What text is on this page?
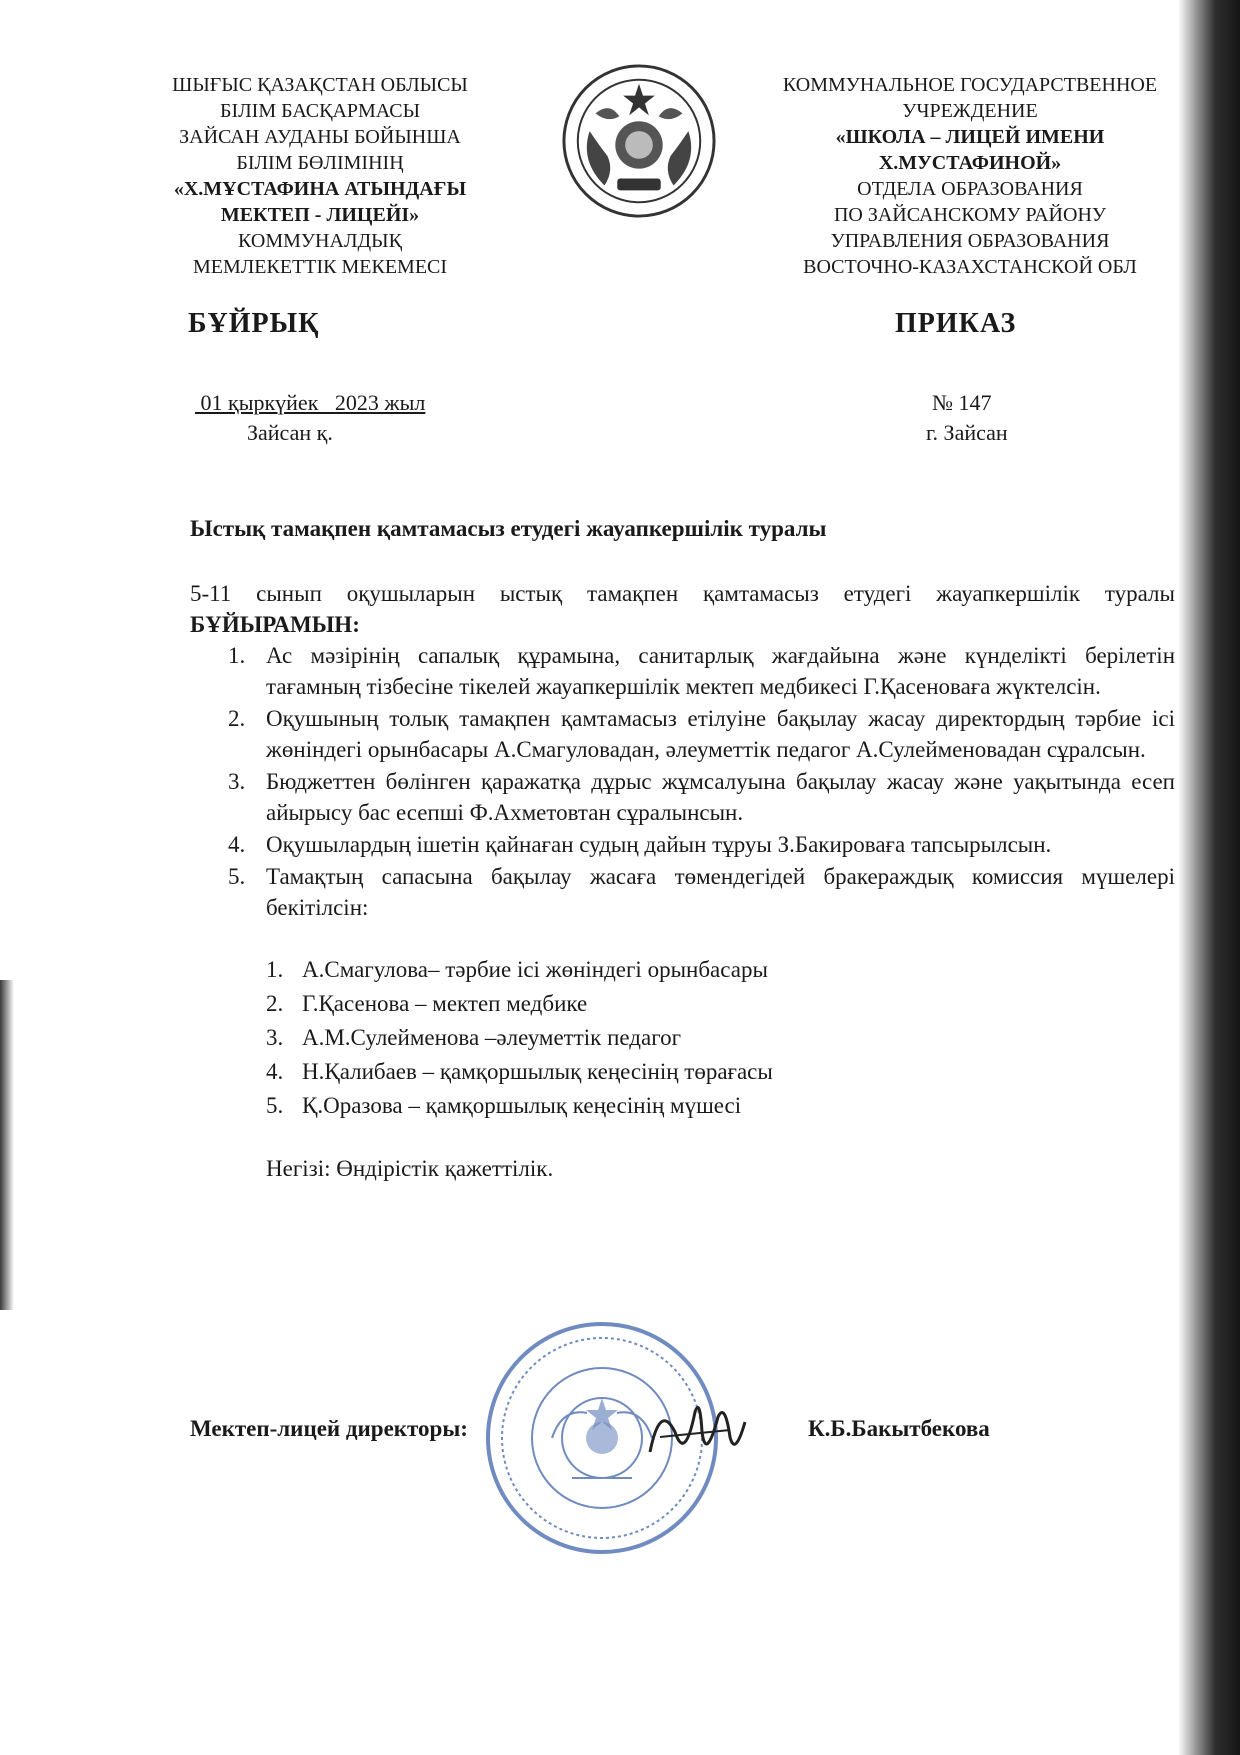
ШЫҒЫС ҚАЗАҚСТАН ОБЛЫСЫ
БІЛІМ БАСҚАРМАСЫ
ЗАЙСАН АУДАНЫ БОЙЫНША
БІЛІМ БӨЛІМІНІҢ
«Х.МҰСТАФИНА АТЫНДАҒЫ
МЕКТЕП - ЛИЦЕЙІ»
КОММУНАЛДЫҚ
МЕМЛЕКЕТТІК МЕКЕМЕСІ
КОММУНАЛЬНОЕ ГОСУДАРСТВЕННОЕ
УЧРЕЖДЕНИЕ
«ШКОЛА – ЛИЦЕЙ ИМЕНИ
Х.МУСТАФИНОЙ»
ОТДЕЛА ОБРАЗОВАНИЯ
ПО ЗАЙСАНСКОМУ РАЙОНУ
УПРАВЛЕНИЯ ОБРАЗОВАНИЯ
ВОСТОЧНО-КАЗАХСТАНСКОЙ ОБЛ
БҰЙРЫҚ	ПРИКАЗ
01 қыркүйек   2023 жыл
Зайсан қ.
№ 147
г. Зайсан
Ыстық тамақпен қамтамасыз етудегі жауапкершілік туралы
5-11 сынып оқушыларын ыстық тамақпен қамтамасыз етудегі жауапкершілік туралы БҰЙЫРАМЫН:
Ас мәзірінің сапалық құрамына, санитарлық жағдайына және күнделікті берілетін тағамның тізбесіне тікелей жауапкершілік мектеп медбикесі Г.Қасеноваға жүктелсін.
Оқушының толық тамақпен қамтамасыз етілуіне бақылау жасау директордың тәрбие ісі жөніндегі орынбасары А.Смагуловадан, әлеуметтік педагог А.Сулейменовадан сұралсын.
Бюджеттен бөлінген қаражатқа дұрыс жұмсалуына бақылау жасау және уақытында есеп айырысу бас есепші Ф.Ахметовтан сұралынсын.
Оқушылардың ішетін қайнаған судың дайын тұруы З.Бакироваға тапсырылсын.
Тамақтың сапасына бақылау жасаға төмендегідей бракераждық комиссия мүшелері бекітілсін:
А.Смагулова– тәрбие ісі жөніндегі орынбасары
Г.Қасенова – мектеп медбике
А.М.Сулейменова –әлеуметтік педагог
Н.Қалибаев – қамқоршылық кеңесінің төрағасы
Қ.Оразова – қамқоршылық кеңесінің мүшесі
Негізі: Өндірістік қажеттілік.
Мектеп-лицей директоры:	К.Б.Бакытбекова
